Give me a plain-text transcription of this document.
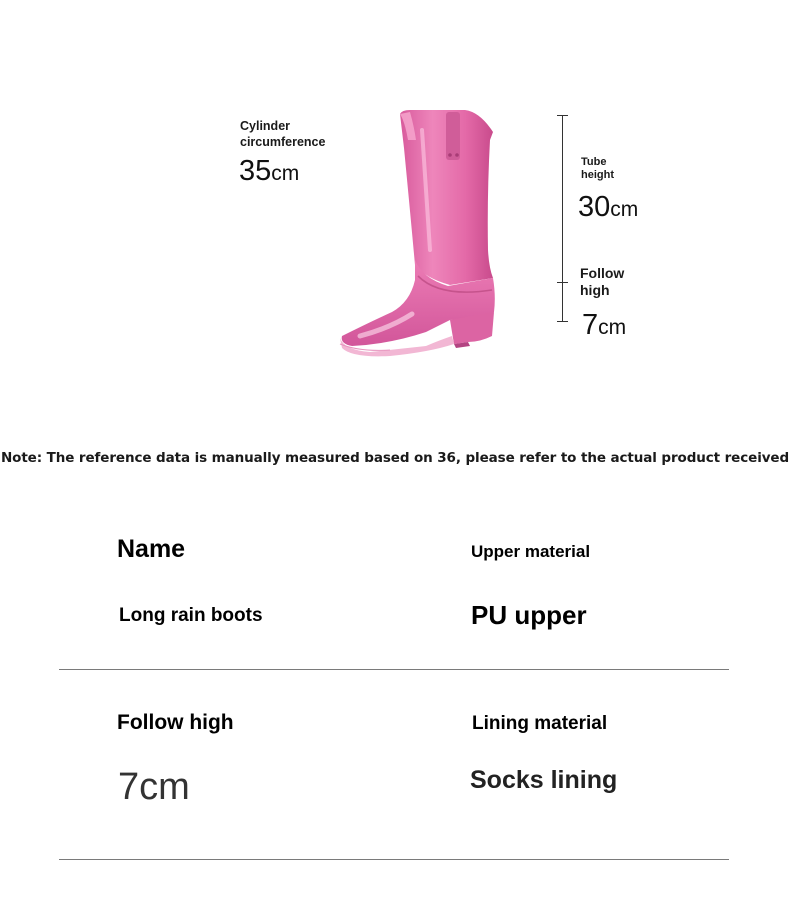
Cylinder
circumference
35cm	Tube
height
30cm
Follow
high
7cm
Note: The reference data is manually measured based on 36, please refer to the actual product received
Name	Upper material
Long rain boots	PU upper
Follow high	Lining material
7cm	Socks lining
